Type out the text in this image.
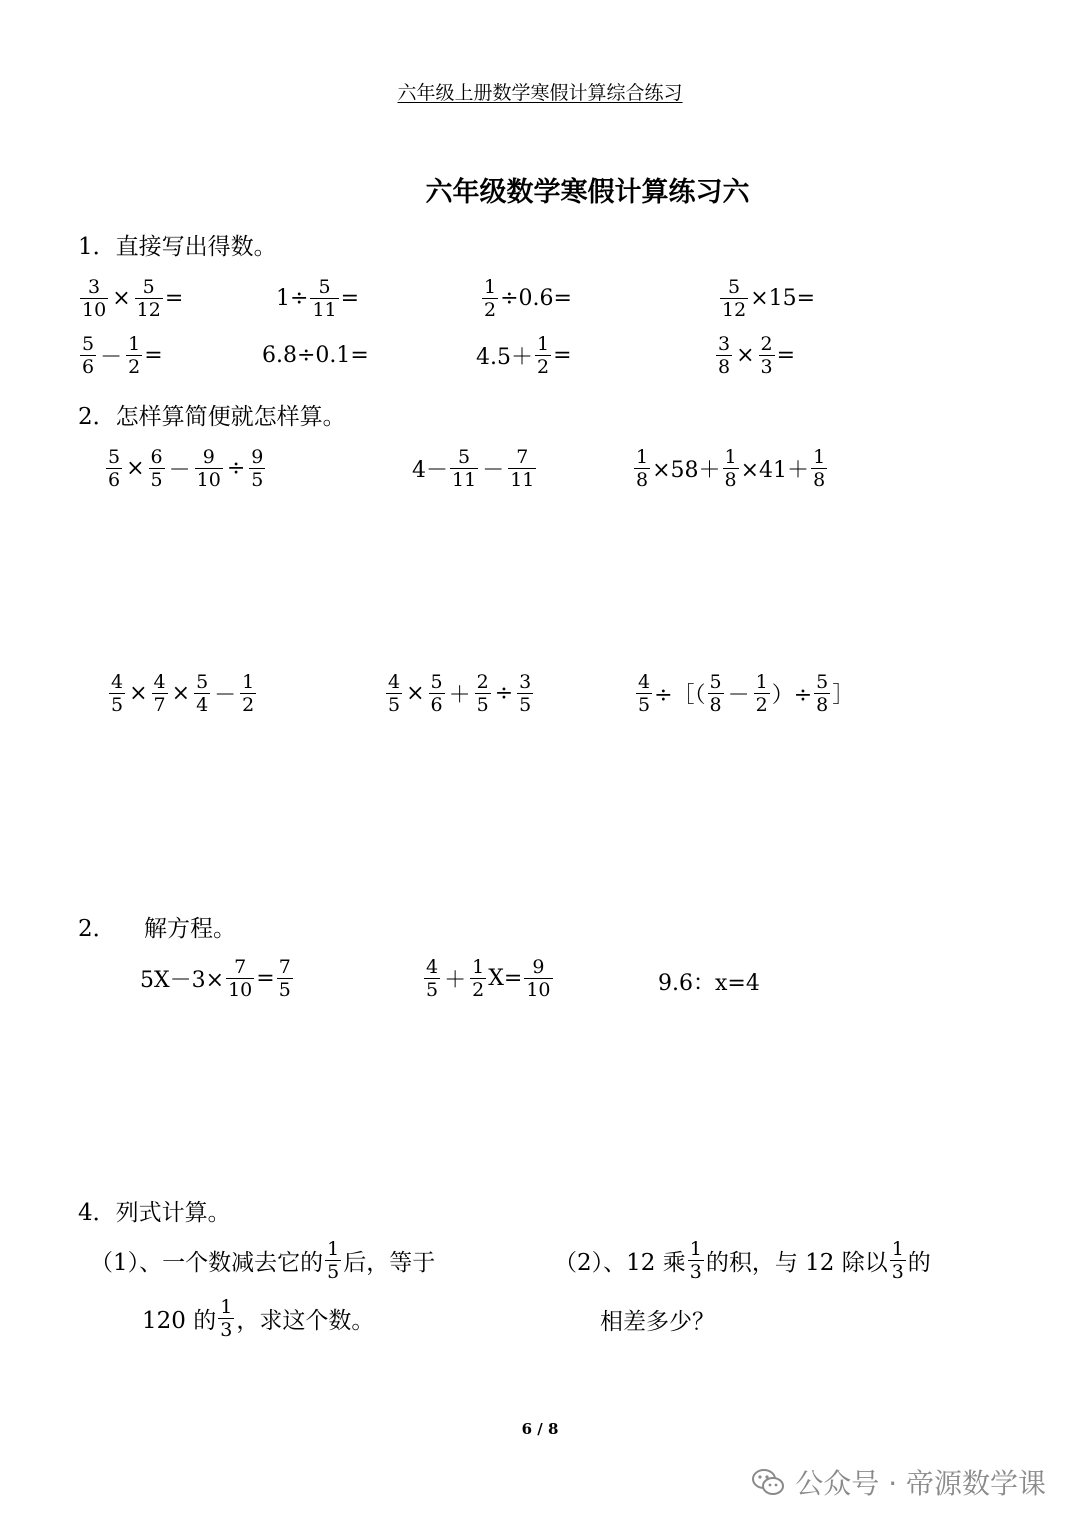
六年级上册数学寒假计算综合练习
六年级数学寒假计算练习六
1．直接写出得数。
$\frac{3}{10} \times \frac{5}{12}$ =	$1\div \frac{5}{11}$ =	$\frac{1}{2} \div 0.6=$	$\frac{5}{12} \times 15=$
$\frac{5}{6} - \frac{1}{2}$ =	6.8÷0.1=	$4.5+ \frac{1}{2}$ =	$\frac{3}{8} \times \frac{2}{3}$ =
2．怎样算简便就怎样算。
$\frac{5}{6} \times \frac{6}{5} - \frac{9}{10} \div \frac{9}{5}$	$4- \frac{5}{11} - \frac{7}{11}$	$\frac{1}{8} \times 58+ \frac{1}{8} \times 41+ \frac{1}{8}$
$\frac{4}{5} \times \frac{4}{7} \times \frac{5}{4} - \frac{1}{2}$	$\frac{4}{5} \times \frac{5}{6} + \frac{2}{5} \div \frac{3}{5}$	$\frac{4}{5}$ ÷［（ $\frac{5}{8} - \frac{1}{2}$ ）÷ $\frac{5}{8}$ ］
2． 解方程。
$5X-3\times \frac{7}{10} = \frac{7}{5}$	$\frac{4}{5} + \frac{1}{2} X= \frac{9}{10}$	9.6：x=4
4．列式计算。
（1）、一个数减去它的 $\frac{1}{5}$ 后，等于
120 的 $\frac{1}{3}$ ，求这个数。
（2）、12 乘 $\frac{1}{3}$ 的积，与 12 除以 $\frac{1}{3}$ 的
相差多少？
6 / 8
公众号 · 帝源数学课
